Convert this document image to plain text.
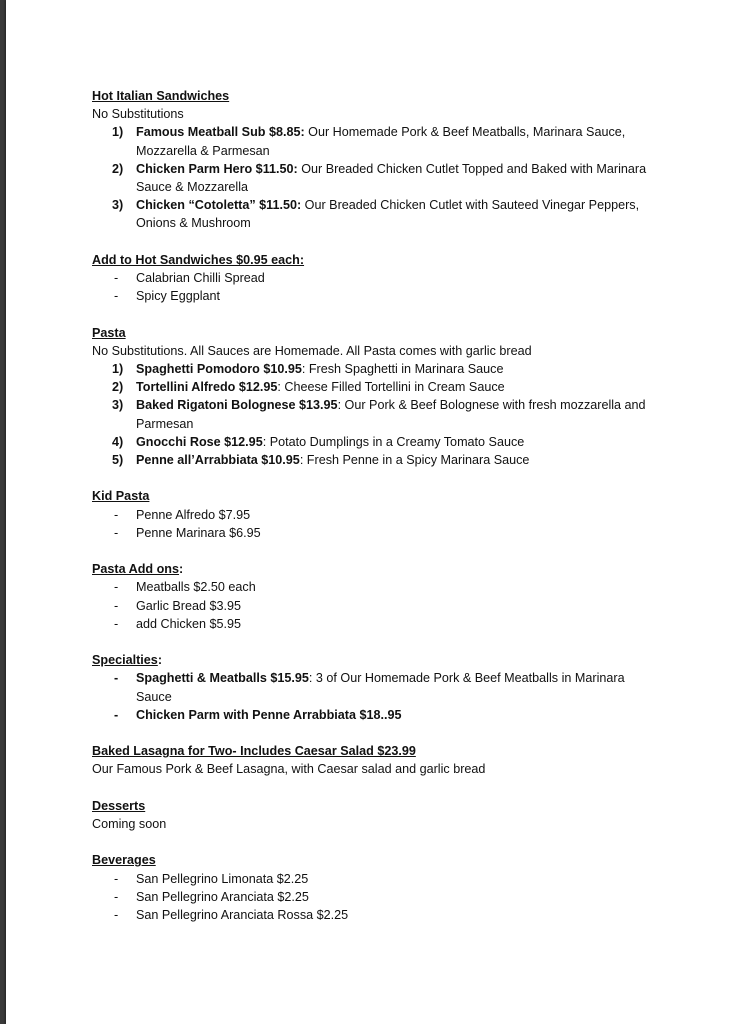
Hot Italian Sandwiches
No Substitutions
1) Famous Meatball Sub $8.85: Our Homemade Pork & Beef Meatballs, Marinara Sauce, Mozzarella & Parmesan
2) Chicken Parm Hero $11.50: Our Breaded Chicken Cutlet Topped and Baked with Marinara Sauce & Mozzarella
3) Chicken “Cotoletta” $11.50: Our Breaded Chicken Cutlet with Sauteed Vinegar Peppers, Onions & Mushroom
Add to Hot Sandwiches $0.95 each:
- Calabrian Chilli Spread
- Spicy Eggplant
Pasta
No Substitutions. All Sauces are Homemade. All Pasta comes with garlic bread
1) Spaghetti Pomodoro $10.95: Fresh Spaghetti in Marinara Sauce
2) Tortellini Alfredo $12.95: Cheese Filled Tortellini in Cream Sauce
3) Baked Rigatoni Bolognese $13.95: Our Pork & Beef Bolognese with fresh mozzarella and Parmesan
4) Gnocchi Rose $12.95: Potato Dumplings in a Creamy Tomato Sauce
5) Penne all’Arrabbiata $10.95: Fresh Penne in a Spicy Marinara Sauce
Kid Pasta
- Penne Alfredo $7.95
- Penne Marinara $6.95
Pasta Add ons:
- Meatballs $2.50 each
- Garlic Bread $3.95
- add Chicken $5.95
Specialties:
- Spaghetti & Meatballs $15.95: 3 of Our Homemade Pork & Beef Meatballs in Marinara Sauce
- Chicken Parm with Penne Arrabbiata $18..95
Baked Lasagna for Two- Includes Caesar Salad $23.99
Our Famous Pork & Beef Lasagna, with Caesar salad and garlic bread
Desserts
Coming soon
Beverages
- San Pellegrino Limonata $2.25
- San Pellegrino Aranciata $2.25
- San Pellegrino Aranciata Rossa $2.25
